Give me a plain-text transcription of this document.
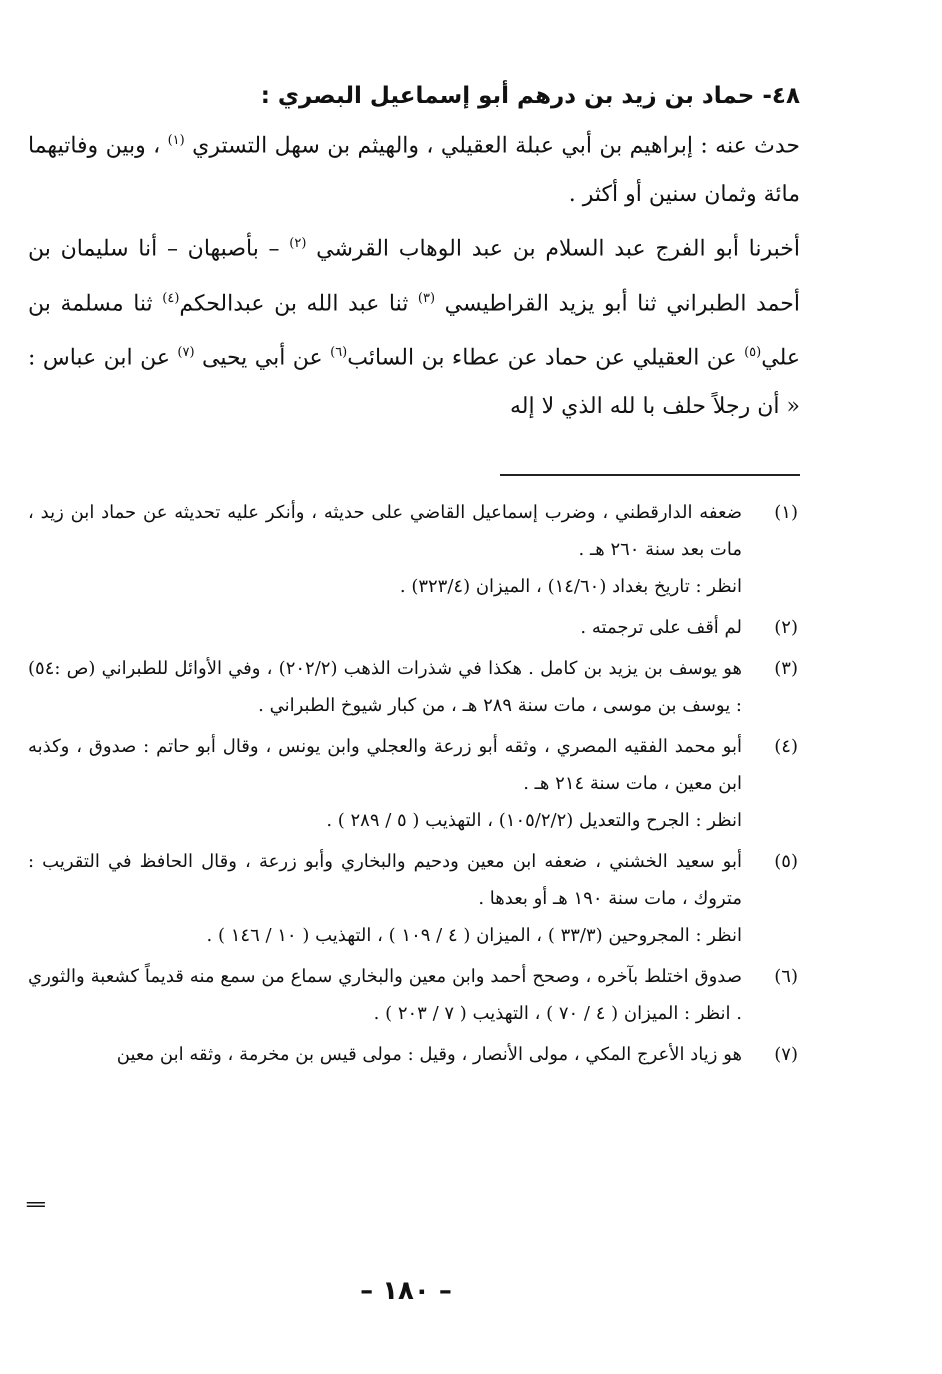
٤٨- حماد بن زيد بن درهم أبو إسماعيل البصري :

حدث عنه : إبراهيم بن أبي عبلة العقيلي ، والهيثم بن سهل التستري $^{(١)}$ ، وبين وفاتيهما مائة وثمان سنين أو أكثر .

أخبرنا أبو الفرج عبد السلام بن عبد الوهاب القرشي $^{(٢)}$ – بأصبهان – أنا سليمان بن أحمد الطبراني ثنا أبو يزيد القراطيسي $^{(٣)}$ ثنا عبد الله بن عبدالحكم$^{(٤)}$ ثنا مسلمة بن علي$^{(٥)}$ عن العقيلي عن حماد عن عطاء بن السائب$^{(٦)}$ عن أبي يحيى $^{(٧)}$ عن ابن عباس : « أن رجلاً حلف با لله الذي لا إله

(١)
ضعفه الدارقطني ، وضرب إسماعيل القاضي على حديثه ، وأنكر عليه تحديثه عن حماد ابن زيد ، مات بعد سنة ٢٦٠ هـ .
انظر : تاريخ بغداد (١٤/٦٠) ، الميزان (٣٢٣/٤) .
(٢)
لم أقف على ترجمته .
(٣)
هو يوسف بن يزيد بن كامل . هكذا في شذرات الذهب (٢٠٢/٢) ، وفي الأوائل للطبراني (ص :٥٤) : يوسف بن موسى ، مات سنة ٢٨٩ هـ ، من كبار شيوخ الطبراني .
(٤)
أبو محمد الفقيه المصري ، وثقه أبو زرعة والعجلي وابن يونس ، وقال أبو حاتم : صدوق ، وكذبه ابن معين ، مات سنة ٢١٤ هـ .
انظر : الجرح والتعديل (١٠٥/٢/٢) ، التهذيب ( ٥ / ٢٨٩ ) .
(٥)
أبو سعيد الخشني ، ضعفه ابن معين ودحيم والبخاري وأبو زرعة ، وقال الحافظ في التقريب : متروك ، مات سنة ١٩٠ هـ أو بعدها .
انظر : المجروحين (٣٣/٣ ) ، الميزان ( ٤ / ١٠٩ ) ، التهذيب ( ١٠ / ١٤٦ ) .
(٦)
صدوق اختلط بآخره ، وصحح أحمد وابن معين والبخاري سماع من سمع منه قديماً كشعبة والثوري . انظر : الميزان ( ٤ / ٧٠ ) ، التهذيب ( ٧ / ٢٠٣ ) .
(٧)
هو زياد الأعرج المكي ، مولى الأنصار ، وقيل : مولى قيس بن مخرمة ، وثقه ابن معين
==
– ١٨٠ –
